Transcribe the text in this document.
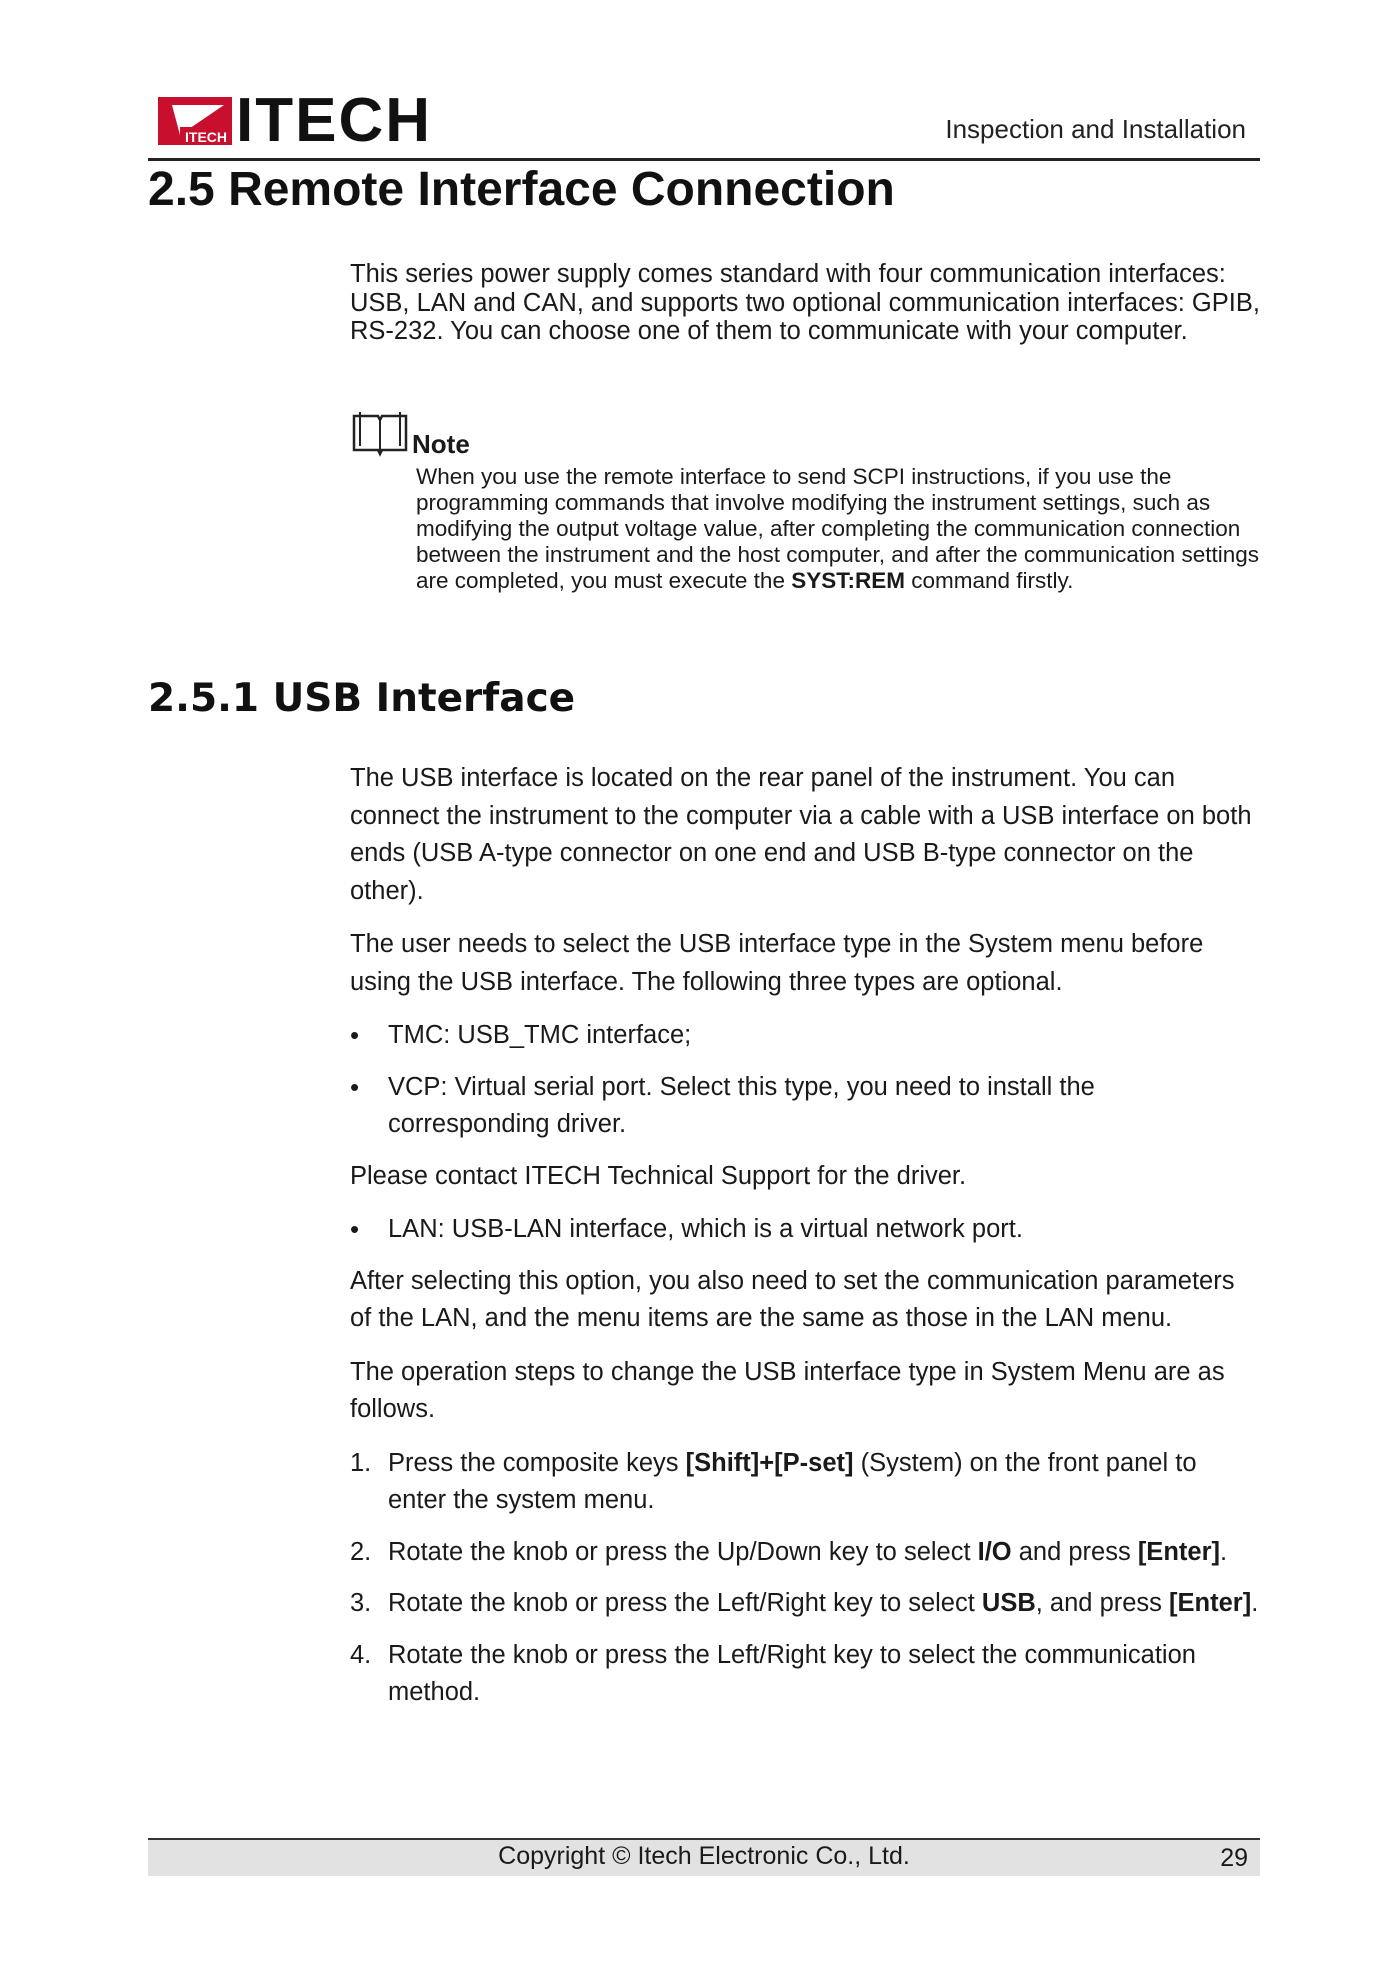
ITECH ITECH	Inspection and Installation
2.5 Remote Interface Connection
This series power supply comes standard with four communication interfaces: USB, LAN and CAN, and supports two optional communication interfaces: GPIB, RS-232. You can choose one of them to communicate with your computer.
Note
When you use the remote interface to send SCPI instructions, if you use the programming commands that involve modifying the instrument settings, such as modifying the output voltage value, after completing the communication connection between the instrument and the host computer, and after the communication settings are completed, you must execute the SYST:REM command firstly.
2.5.1 USB Interface

The USB interface is located on the rear panel of the instrument. You can connect the instrument to the computer via a cable with a USB interface on both ends (USB A-type connector on one end and USB B-type connector on the other).

The user needs to select the USB interface type in the System menu before using the USB interface. The following three types are optional.

•	TMC: USB_TMC interface;
•	VCP: Virtual serial port. Select this type, you need to install the corresponding driver.

Please contact ITECH Technical Support for the driver.

•	LAN: USB-LAN interface, which is a virtual network port.

After selecting this option, you also need to set the communication parameters of the LAN, and the menu items are the same as those in the LAN menu.

The operation steps to change the USB interface type in System Menu are as follows.

1. Press the composite keys [Shift]+[P-set] (System) on the front panel to enter the system menu.
2. Rotate the knob or press the Up/Down key to select I/O and press [Enter].
3. Rotate the knob or press the Left/Right key to select USB, and press [Enter].
4. Rotate the knob or press the Left/Right key to select the communication method.
Copyright © Itech Electronic Co., Ltd.	29
